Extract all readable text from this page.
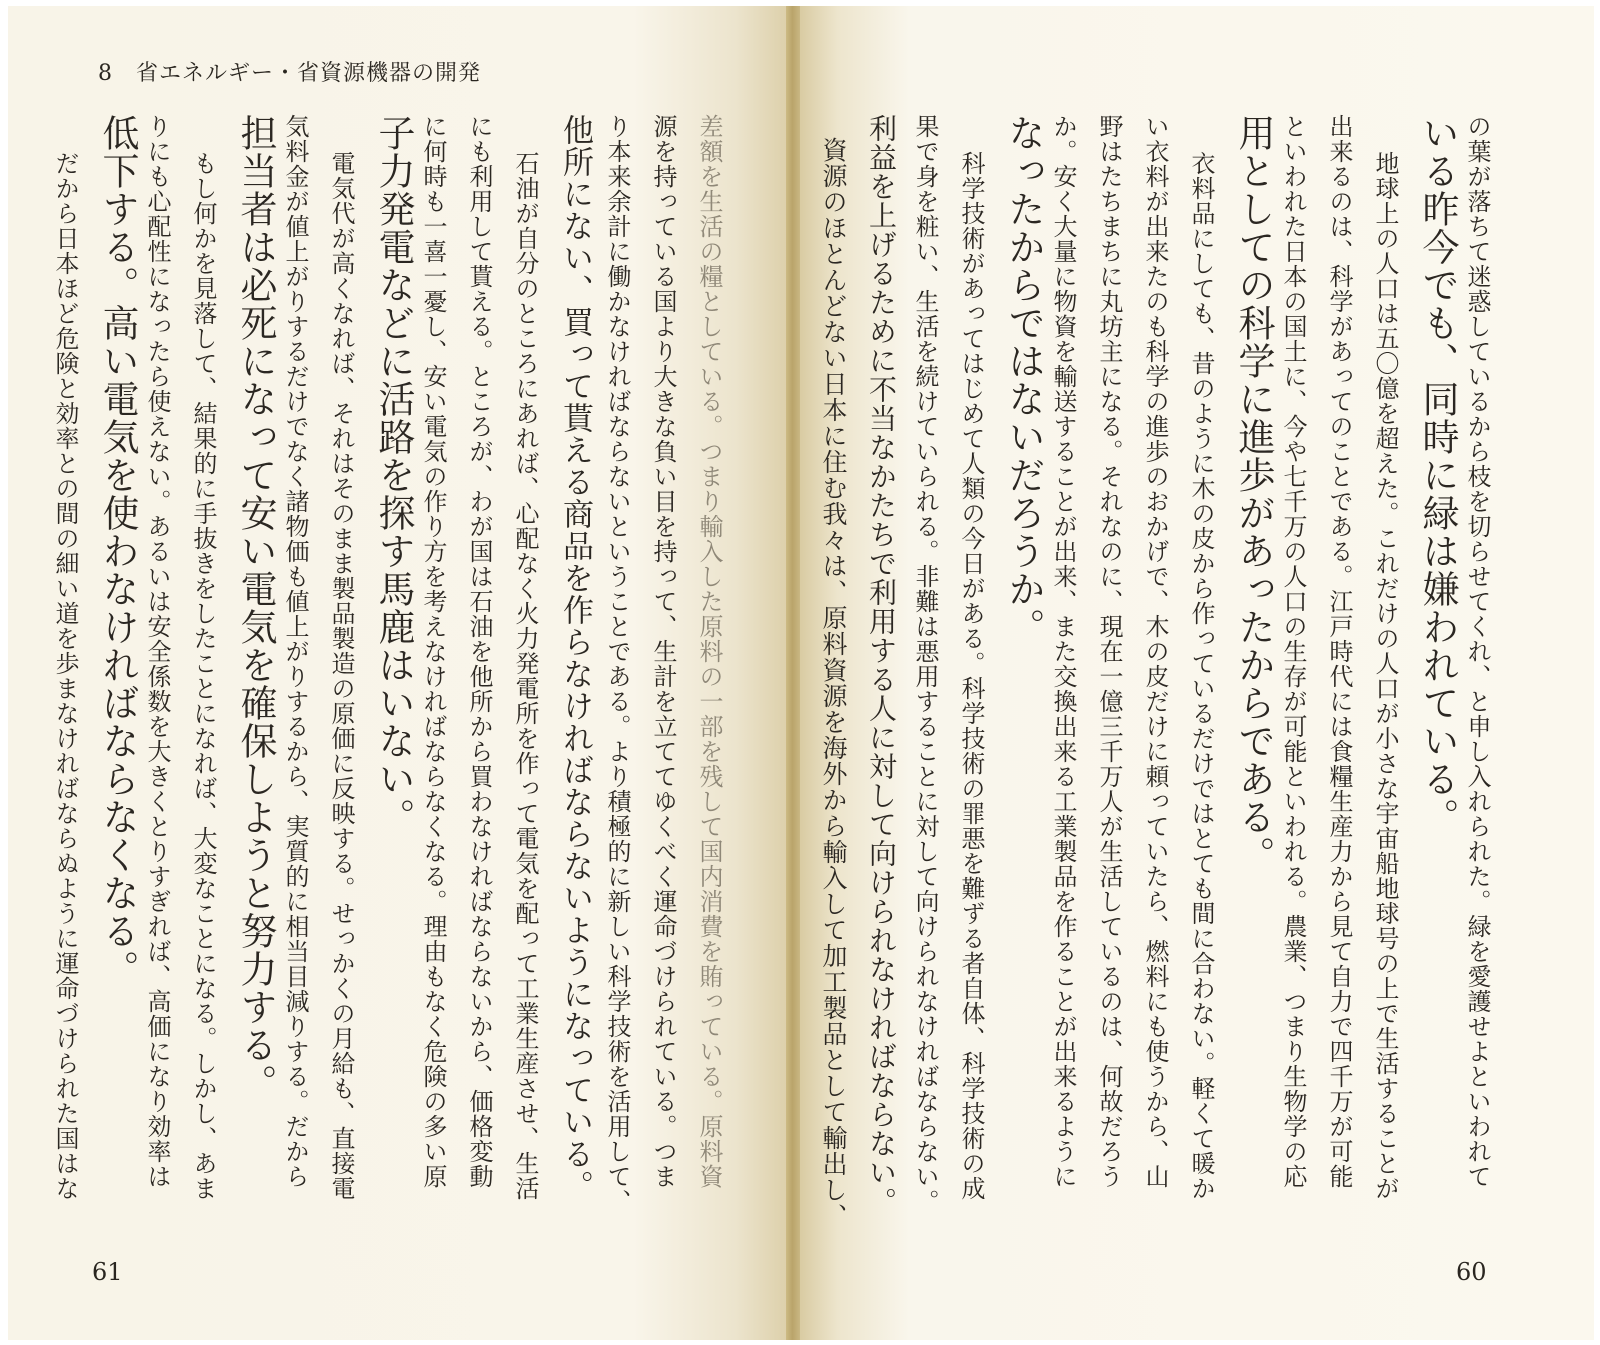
8　省エネルギー・省資源機器の開発
の葉が落ちて迷惑しているから枝を切らせてくれ、と申し入れられた。緑を愛護せよといわれて
いる昨今でも、同時に緑は嫌われている。
地球上の人口は五〇億を超えた。これだけの人口が小さな宇宙船地球号の上で生活することが
出来るのは、科学があってのことである。江戸時代には食糧生産力から見て自力で四千万が可能
といわれた日本の国土に、今や七千万の人口の生存が可能といわれる。農業、つまり生物学の応
用としての科学に進歩があったからである。
衣料品にしても、昔のように木の皮から作っているだけではとても間に合わない。軽くて暖か
い衣料が出来たのも科学の進歩のおかげで、木の皮だけに頼っていたら、燃料にも使うから、山
野はたちまちに丸坊主になる。それなのに、現在一億三千万人が生活しているのは、何故だろう
か。安く大量に物資を輸送することが出来、また交換出来る工業製品を作ることが出来るように
なったからではないだろうか。
科学技術があってはじめて人類の今日がある。科学技術の罪悪を難ずる者自体、科学技術の成
果で身を粧い、生活を続けていられる。非難は悪用することに対して向けられなければならない。
利益を上げるために不当なかたちで利用する人に対して向けられなければならない。
資源のほとんどない日本に住む我々は、原料資源を海外から輸入して加工製品として輸出し、
差額を生活の糧としている。つまり輸入した原料の一部を残して国内消費を賄っている。原料資
源を持っている国より大きな負い目を持って、生計を立ててゆくべく運命づけられている。つま
り本来余計に働かなければならないということである。より積極的に新しい科学技術を活用して、
他所にない、買って貰える商品を作らなければならないようになっている。
石油が自分のところにあれば、心配なく火力発電所を作って電気を配って工業生産させ、生活
にも利用して貰える。ところが、わが国は石油を他所から買わなければならないから、価格変動
に何時も一喜一憂し、安い電気の作り方を考えなければならなくなる。理由もなく危険の多い原
子力発電などに活路を探す馬鹿はいない。
電気代が高くなれば、それはそのまま製品製造の原価に反映する。せっかくの月給も、直接電
気料金が値上がりするだけでなく諸物価も値上がりするから、実質的に相当目減りする。だから
担当者は必死になって安い電気を確保しようと努力する。
もし何かを見落して、結果的に手抜きをしたことになれば、大変なことになる。しかし、あま
りにも心配性になったら使えない。あるいは安全係数を大きくとりすぎれば、高価になり効率は
低下する。高い電気を使わなければならなくなる。
だから日本ほど危険と効率との間の細い道を歩まなければならぬように運命づけられた国はな
61	60
